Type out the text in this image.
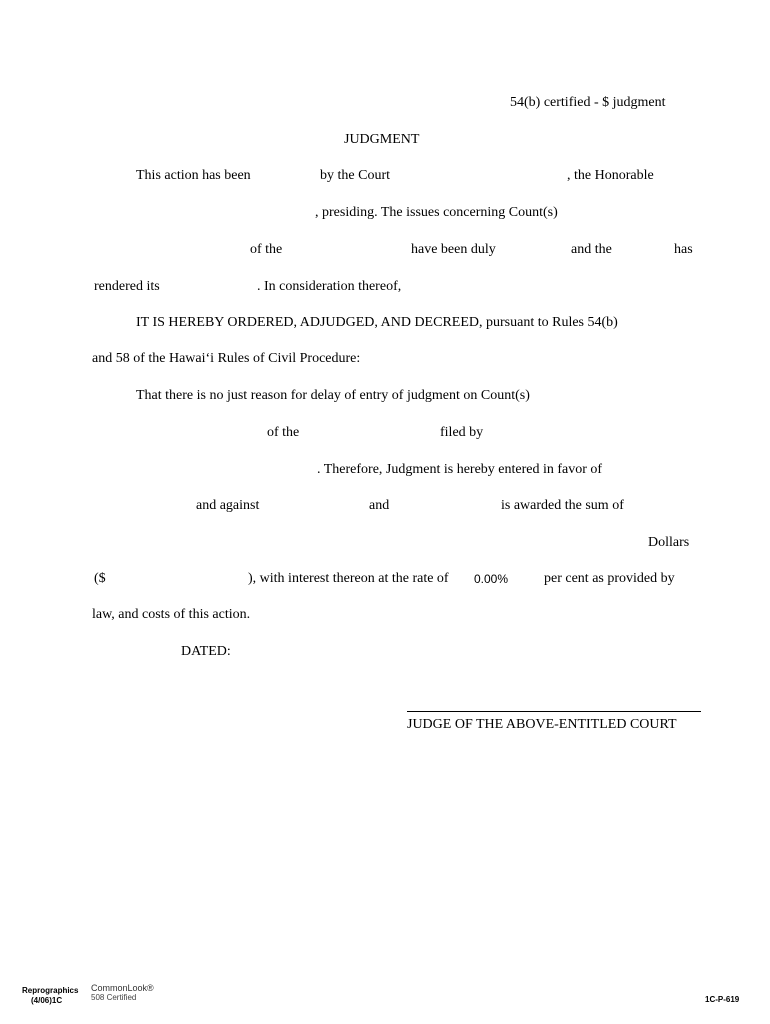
54(b) certified - $ judgment
JUDGMENT
This action has been	by the Court	, the Honorable
, presiding. The issues concerning Count(s)
of the	have been duly	and the	has
rendered its	. In consideration thereof,
IT IS HEREBY ORDERED, ADJUDGED, AND DECREED, pursuant to Rules 54(b)
and 58 of the Hawai‘i Rules of Civil Procedure:
That there is no just reason for delay of entry of judgment on Count(s)
of the	filed by
. Therefore, Judgment is hereby entered in favor of
and against	and	is awarded the sum of
Dollars
($	), with interest thereon at the rate of 0.00%	per cent as provided by
law, and costs of this action.
DATED:
JUDGE OF THE ABOVE-ENTITLED COURT
Reprographics
(4/06)1C
CommonLook®
508 Certified	1C-P-619
